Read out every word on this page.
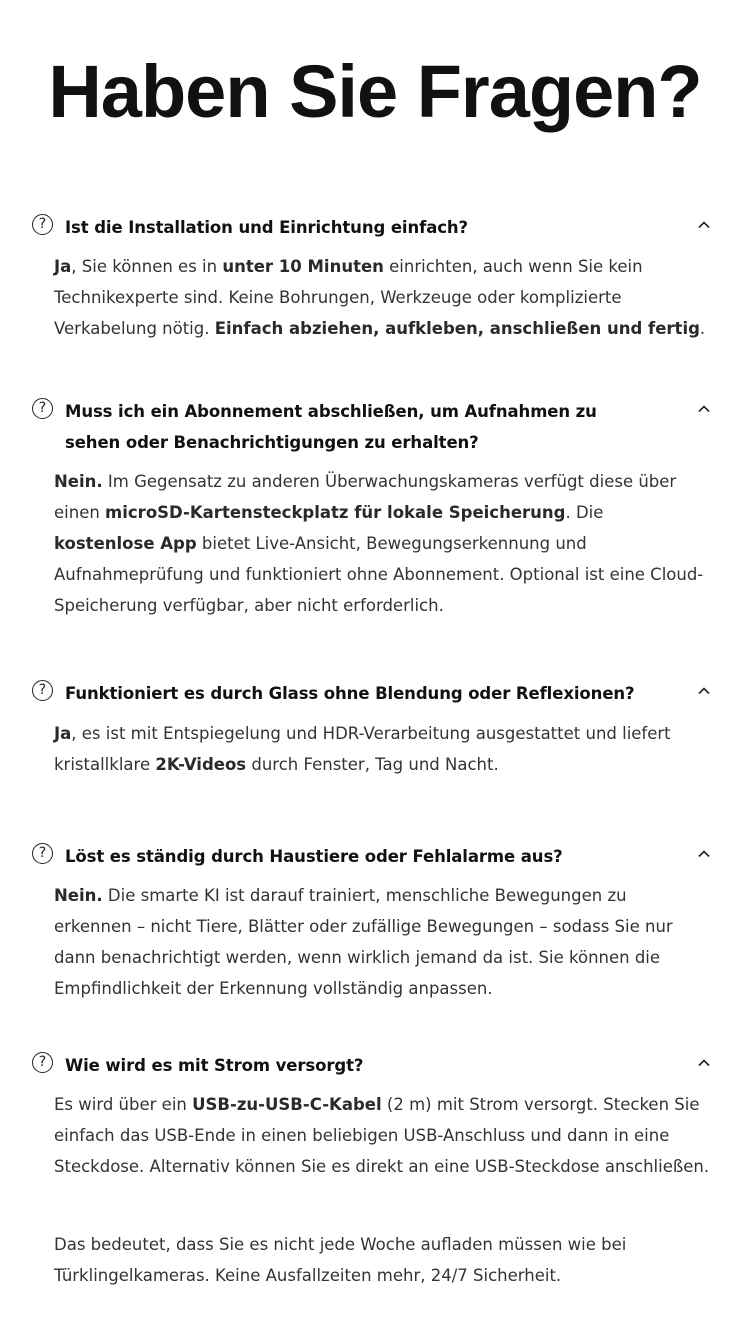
Haben Sie Fragen?
?	Ist die Installation und Einrichtung einfach?

Ja, Sie können es in unter 10 Minuten einrichten, auch wenn Sie kein Technikexperte sind. Keine Bohrungen, Werkzeuge oder komplizierte Verkabelung nötig. Einfach abziehen, aufkleben, anschließen und fertig.

?	Muss ich ein Abonnement abschließen, um Aufnahmen zu sehen oder Benachrichtigungen zu erhalten?

Nein. Im Gegensatz zu anderen Überwachungskameras verfügt diese über einen microSD-Kartensteckplatz für lokale Speicherung. Die kostenlose App bietet Live-Ansicht, Bewegungserkennung und Aufnahmeprüfung und funktioniert ohne Abonnement. Optional ist eine Cloud-Speicherung verfügbar, aber nicht erforderlich.

?	Funktioniert es durch Glass ohne Blendung oder Reflexionen?

Ja, es ist mit Entspiegelung und HDR-Verarbeitung ausgestattet und liefert kristallklare 2K-Videos durch Fenster, Tag und Nacht.

?	Löst es ständig durch Haustiere oder Fehlalarme aus?

Nein. Die smarte KI ist darauf trainiert, menschliche Bewegungen zu erkennen – nicht Tiere, Blätter oder zufällige Bewegungen – sodass Sie nur dann benachrichtigt werden, wenn wirklich jemand da ist. Sie können die Empfindlichkeit der Erkennung vollständig anpassen.

?	Wie wird es mit Strom versorgt?

Es wird über ein USB-zu-USB-C-Kabel (2 m) mit Strom versorgt. Stecken Sie einfach das USB-Ende in einen beliebigen USB-Anschluss und dann in eine Steckdose. Alternativ können Sie es direkt an eine USB-Steckdose anschließen.

Das bedeutet, dass Sie es nicht jede Woche aufladen müssen wie bei Türklingelkameras. Keine Ausfallzeiten mehr, 24/7 Sicherheit.
